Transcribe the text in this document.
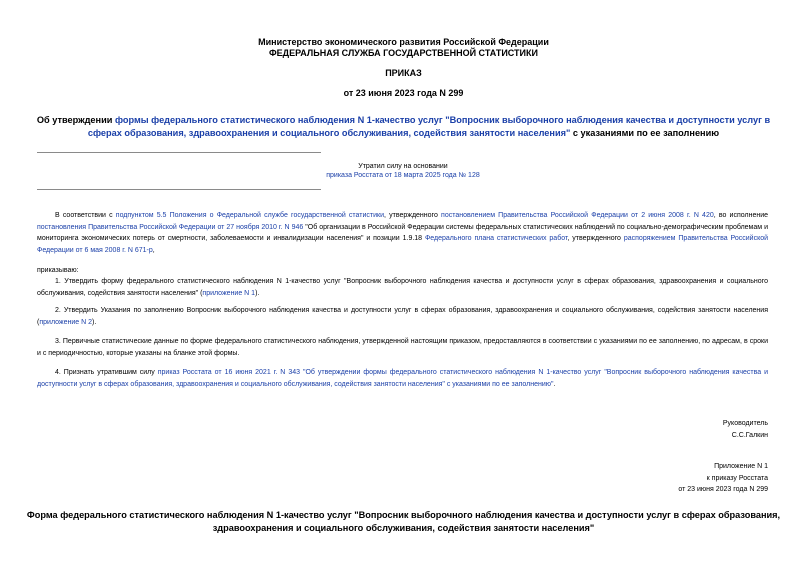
Министерство экономического развития Российской Федерации
ФЕДЕРАЛЬНАЯ СЛУЖБА ГОСУДАРСТВЕННОЙ СТАТИСТИКИ
ПРИКАЗ
от 23 июня 2023 года N 299
Об утверждении формы федерального статистического наблюдения N 1-качество услуг "Вопросник выборочного наблюдения качества и доступности услуг в сферах образования, здравоохранения и социального обслуживания, содействия занятости населения" с указаниями по ее заполнению
Утратил силу на основании
приказа Росстата от 18 марта 2025 года № 128
В соответствии с подпунктом 5.5 Положения о Федеральной службе государственной статистики, утвержденного постановлением Правительства Российской Федерации от 2 июня 2008 г. N 420, во исполнение постановления Правительства Российской Федерации от 27 ноября 2010 г. N 946 "Об организации в Российской Федерации системы федеральных статистических наблюдений по социально-демографическим проблемам и мониторинга экономических потерь от смертности, заболеваемости и инвалидизации населения" и позиции 1.9.18 Федерального плана статистических работ, утвержденного распоряжением Правительства Российской Федерации от 6 мая 2008 г. N 671-р,
приказываю:
1. Утвердить форму федерального статистического наблюдения N 1-качество услуг "Вопросник выборочного наблюдения качества и доступности услуг в сферах образования, здравоохранения и социального обслуживания, содействия занятости населения" (приложение N 1).
2. Утвердить Указания по заполнению Вопросник выборочного наблюдения качества и доступности услуг в сферах образования, здравоохранения и социального обслуживания, содействия занятости населения (приложение N 2).
3. Первичные статистические данные по форме федерального статистического наблюдения, утвержденной настоящим приказом, предоставляются в соответствии с указаниями по ее заполнению, по адресам, в сроки и с периодичностью, которые указаны на бланке этой формы.
4. Признать утратившим силу приказ Росстата от 16 июня 2021 г. N 343 "Об утверждении формы федерального статистического наблюдения N 1-качество услуг "Вопросник выборочного наблюдения качества и доступности услуг в сферах образования, здравоохранения и социального обслуживания, содействия занятости населения" с указаниями по ее заполнению".
Руководитель
С.С.Галкин
Приложение N 1
к приказу Росстата
от 23 июня 2023 года N 299
Форма федерального статистического наблюдения N 1-качество услуг "Вопросник выборочного наблюдения качества и доступности услуг в сферах образования, здравоохранения и социального обслуживания, содействия занятости населения"
